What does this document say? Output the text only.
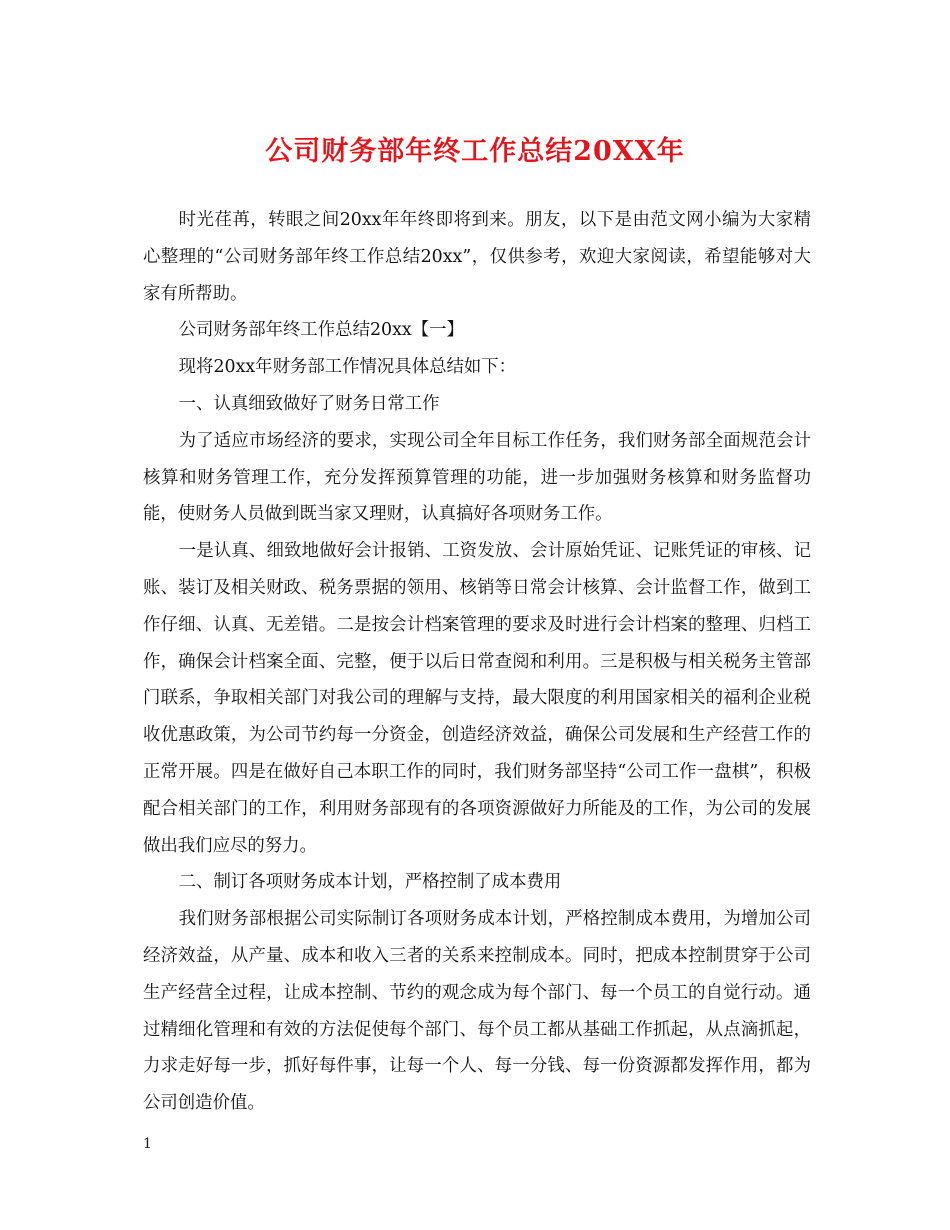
公司财务部年终工作总结20XX年

时光荏苒，转眼之间20xx年年终即将到来。朋友，以下是由范文网小编为大家精心整理的“公司财务部年终工作总结20xx”，仅供参考，欢迎大家阅读，希望能够对大家有所帮助。

公司财务部年终工作总结20xx【一】

现将20xx年财务部工作情况具体总结如下：

一、认真细致做好了财务日常工作

为了适应市场经济的要求，实现公司全年目标工作任务，我们财务部全面规范会计核算和财务管理工作，充分发挥预算管理的功能，进一步加强财务核算和财务监督功能，使财务人员做到既当家又理财，认真搞好各项财务工作。

一是认真、细致地做好会计报销、工资发放、会计原始凭证、记账凭证的审核、记账、装订及相关财政、税务票据的领用、核销等日常会计核算、会计监督工作，做到工作仔细、认真、无差错。二是按会计档案管理的要求及时进行会计档案的整理、归档工作，确保会计档案全面、完整，便于以后日常查阅和利用。三是积极与相关税务主管部门联系，争取相关部门对我公司的理解与支持，最大限度的利用国家相关的福利企业税收优惠政策，为公司节约每一分资金，创造经济效益，确保公司发展和生产经营工作的正常开展。四是在做好自己本职工作的同时，我们财务部坚持“公司工作一盘棋”，积极配合相关部门的工作，利用财务部现有的各项资源做好力所能及的工作，为公司的发展做出我们应尽的努力。

二、制订各项财务成本计划，严格控制了成本费用

我们财务部根据公司实际制订各项财务成本计划，严格控制成本费用，为增加公司经济效益，从产量、成本和收入三者的关系来控制成本。同时，把成本控制贯穿于公司生产经营全过程，让成本控制、节约的观念成为每个部门、每一个员工的自觉行动。通过精细化管理和有效的方法促使每个部门、每个员工都从基础工作抓起，从点滴抓起，力求走好每一步，抓好每件事，让每一个人、每一分钱、每一份资源都发挥作用，都为公司创造价值。

1
